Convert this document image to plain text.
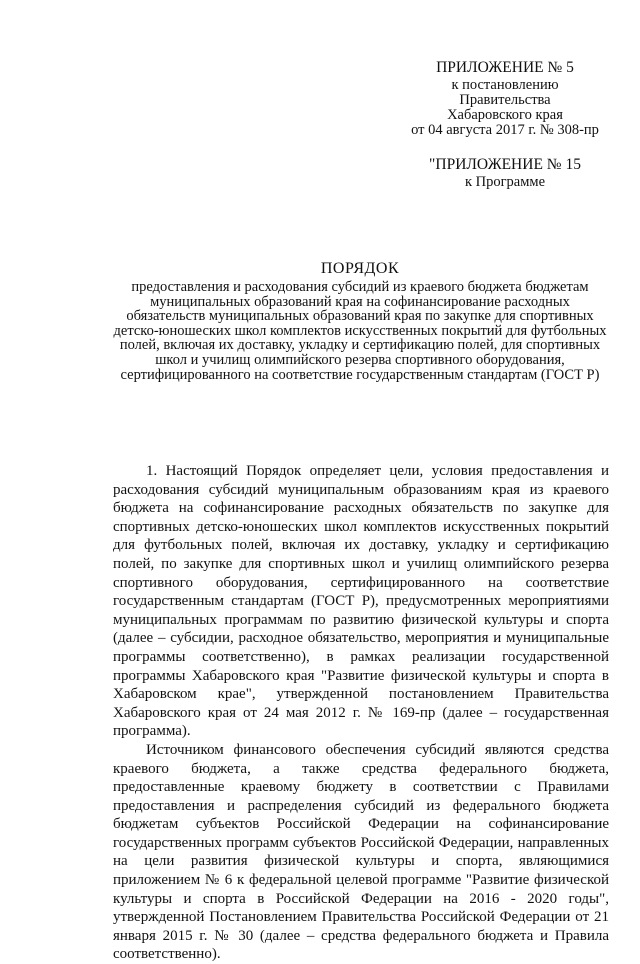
ПРИЛОЖЕНИЕ № 5
к постановлению
Правительства
Хабаровского края
от 04 августа 2017 г. № 308-пр
"ПРИЛОЖЕНИЕ № 15
к Программе
ПОРЯДОК
предоставления и расходования субсидий из краевого бюджета бюджетам муниципальных образований края на софинансирование расходных обязательств муниципальных образований края по закупке для спортивных детско-юношеских школ комплектов искусственных покрытий для футбольных полей, включая их доставку, укладку и сертификацию полей, для спортивных школ и училищ олимпийского резерва спортивного оборудования, сертифицированного на соответствие государственным стандартам (ГОСТ Р)

1. Настоящий Порядок определяет цели, условия предоставления и расходования субсидий муниципальным образованиям края из краевого бюджета на софинансирование расходных обязательств по закупке для спортивных детско-юношеских школ комплектов искусственных покрытий для футбольных полей, включая их доставку, укладку и сертификацию полей, по закупке для спортивных школ и училищ олимпийского резерва спортивного оборудования, сертифицированного на соответствие государственным стандартам (ГОСТ Р), предусмотренных мероприятиями муниципальных программам по развитию физической культуры и спорта (далее – субсидии, расходное обязательство, мероприятия и муниципальные программы соответственно), в рамках реализации государственной программы Хабаровского края "Развитие физической культуры и спорта в Хабаровском крае", утвержденной постановлением Правительства Хабаровского края от 24 мая 2012 г. № 169-пр (далее – государственная программа).

Источником финансового обеспечения субсидий являются средства краевого бюджета, а также средства федерального бюджета, предоставленные краевому бюджету в соответствии с Правилами предоставления и распределения субсидий из федерального бюджета бюджетам субъектов Российской Федерации на софинансирование государственных программ субъектов Российской Федерации, направленных на цели развития физической культуры и спорта, являющимися приложением № 6 к федеральной целевой программе "Развитие физической культуры и спорта в Российской Федерации на 2016 - 2020 годы", утвержденной Постановлением Правительства Российской Федерации от 21 января 2015 г. № 30 (далее – средства федерального бюджета и Правила соответственно).
